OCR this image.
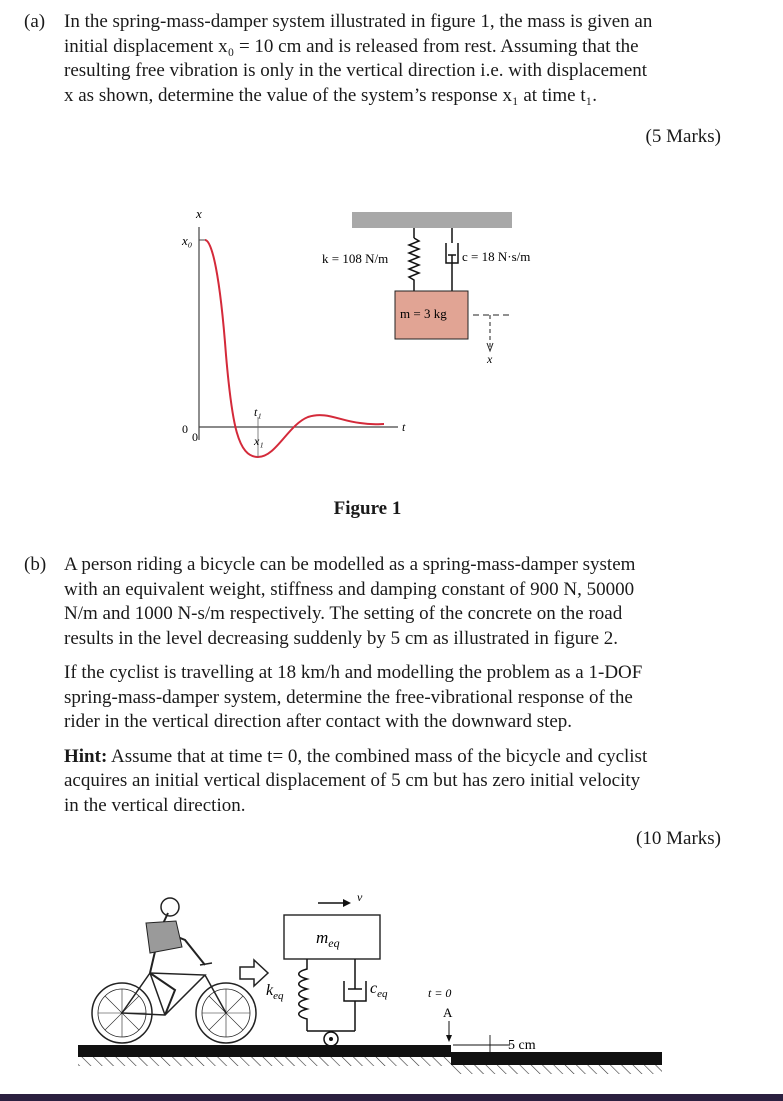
(a) In the spring-mass-damper system illustrated in figure 1, the mass is given an
initial displacement x₀ = 10 cm and is released from rest. Assuming that the
resulting free vibration is only in the vertical direction i.e. with displacement
x as shown, determine the value of the system’s response x₁ at time t₁.
(5 Marks)
x
x₀
t
0
0
t₁
x₁
k = 108 N/m	c = 18 N·s/m
m = 3 kg
x
Figure 1
(b) A person riding a bicycle can be modelled as a spring-mass-damper system
with an equivalent weight, stiffness and damping constant of 900 N, 50000
N/m and 1000 N-s/m respectively. The setting of the concrete on the road
results in the level decreasing suddenly by 5 cm as illustrated in figure 2.
If the cyclist is travelling at 18 km/h and modelling the problem as a 1-DOF
spring-mass-damper system, determine the free-vibrational response of the
rider in the vertical direction after contact with the downward step.
Hint: Assume that at time t= 0, the combined mass of the bicycle and cyclist
acquires an initial vertical displacement of 5 cm but has zero initial velocity
in the vertical direction.
(10 Marks)
v
$m_{eq}$
$k_{eq}$	$c_{eq}$	t = 0
A
5 cm
